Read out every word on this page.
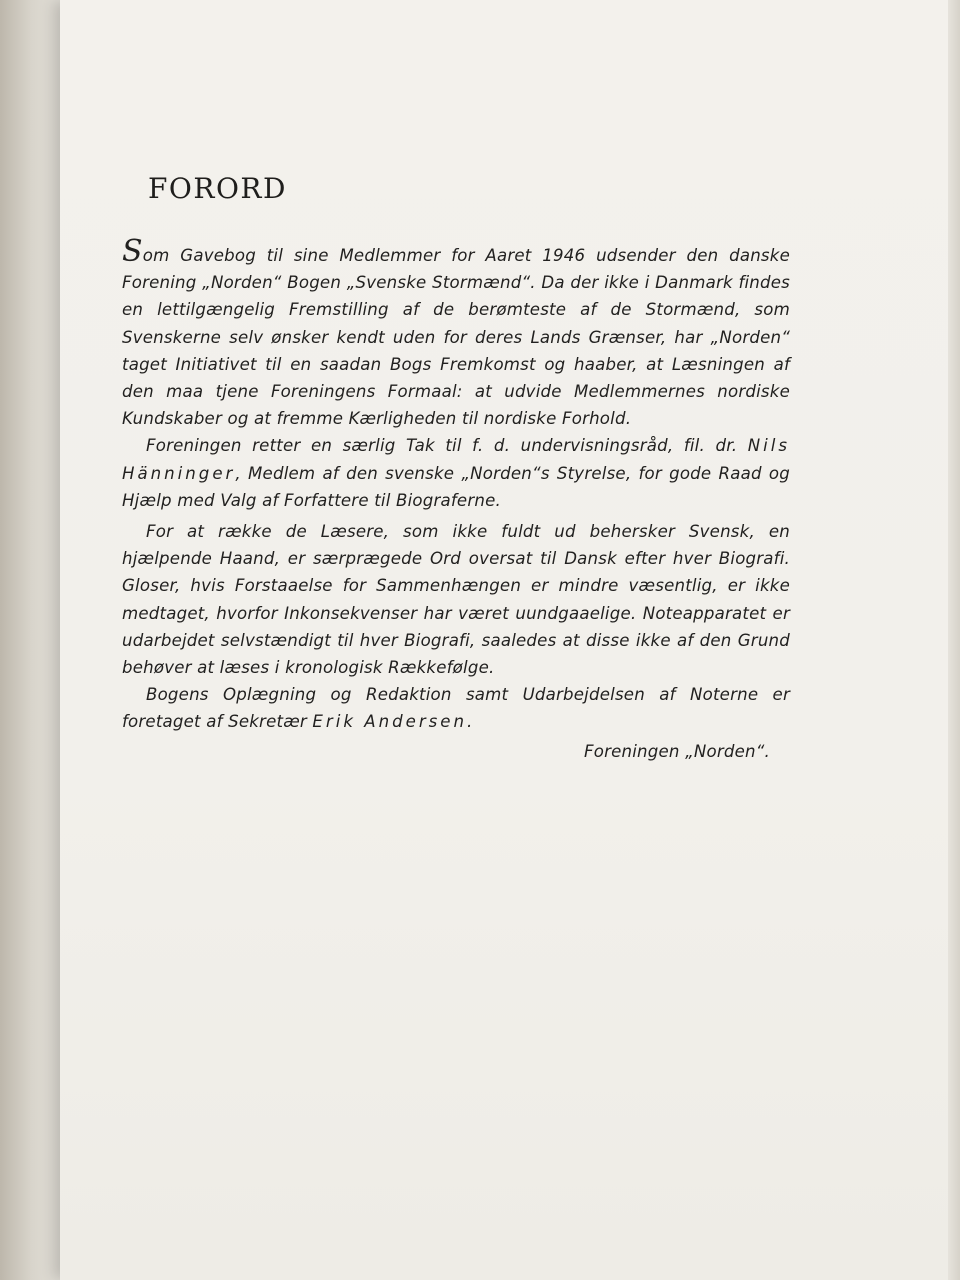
FORORD

Som Gavebog til sine Medlemmer for Aaret 1946 udsender den danske Forening „Norden“ Bogen „Svenske Stormænd“. Da der ikke i Danmark findes en lettilgængelig Fremstilling af de berømteste af de Stormænd, som Svenskerne selv ønsker kendt uden for deres Lands Grænser, har „Norden“ taget Initiativet til en saadan Bogs Fremkomst og haaber, at Læsningen af den maa tjene Foreningens Formaal: at udvide Medlemmernes nordiske Kundskaber og at fremme Kærligheden til nordiske Forhold.

Foreningen retter en særlig Tak til f. d. undervisningsråd, fil. dr. Nils Hänninger, Medlem af den svenske „Norden“s Styrelse, for gode Raad og Hjælp med Valg af Forfattere til Biograferne.

For at række de Læsere, som ikke fuldt ud behersker Svensk, en hjælpende Haand, er særprægede Ord oversat til Dansk efter hver Biografi. Gloser, hvis Forstaaelse for Sammenhængen er mindre væsentlig, er ikke medtaget, hvorfor Inkonsekvenser har været uundgaaelige. Noteapparatet er udarbejdet selvstændigt til hver Biografi, saaledes at disse ikke af den Grund behøver at læses i kronologisk Rækkefølge.

Bogens Oplægning og Redaktion samt Udarbejdelsen af Noterne er foretaget af Sekretær Erik Andersen.

Foreningen „Norden“.
